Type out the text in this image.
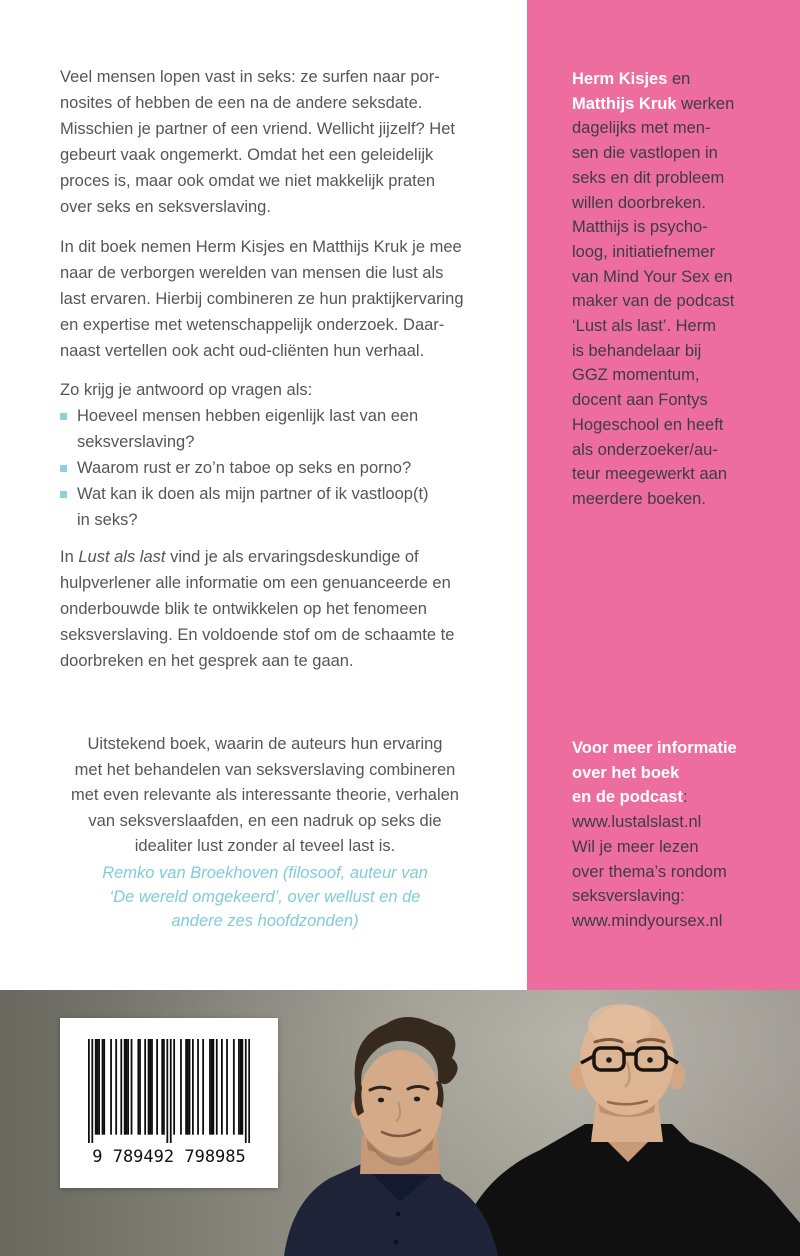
Veel mensen lopen vast in seks: ze surfen naar por-
nosites of hebben de een na de andere seksdate.
Misschien je partner of een vriend. Wellicht jijzelf? Het
gebeurt vaak ongemerkt. Omdat het een geleidelijk
proces is, maar ook omdat we niet makkelijk praten
over seks en seksverslaving.
In dit boek nemen Herm Kisjes en Matthijs Kruk je mee
naar de verborgen werelden van mensen die lust als
last ervaren. Hierbij combineren ze hun praktijkervaring
en expertise met wetenschappelijk onderzoek. Daar-
naast vertellen ook acht oud-cliënten hun verhaal.
Zo krijg je antwoord op vragen als:
Hoeveel mensen hebben eigenlijk last van een
seksverslaving?
Waarom rust er zo’n taboe op seks en porno?
Wat kan ik doen als mijn partner of ik vastloop(t)
in seks?
In Lust als last vind je als ervaringsdeskundige of
hulpverlener alle informatie om een genuanceerde en
onderbouwde blik te ontwikkelen op het fenomeen
seksverslaving. En voldoende stof om de schaamte te
doorbreken en het gesprek aan te gaan.
Uitstekend boek, waarin de auteurs hun ervaring
met het behandelen van seksverslaving combineren
met even relevante als interessante theorie, verhalen
van seksverslaafden, en een nadruk op seks die
idealiter lust zonder al teveel last is.
Remko van Broekhoven (filosoof, auteur van
‘De wereld omgekeerd’, over wellust en de
andere zes hoofdzonden)
Herm Kisjes en
Matthijs Kruk werken
dagelijks met men-
sen die vastlopen in
seks en dit probleem
willen doorbreken.
Matthijs is psycho-
loog, initiatiefnemer
van Mind Your Sex en
maker van de podcast
‘Lust als last’. Herm
is behandelaar bij
GGZ momentum,
docent aan Fontys
Hogeschool en heeft
als onderzoeker/au-
teur meegewerkt aan
meerdere boeken.
Voor meer informatie
over het boek
en de podcast:
www.lustalslast.nl
Wil je meer lezen
over thema’s rondom
seksverslaving:
www.mindyoursex.nl
9 789492 798985
